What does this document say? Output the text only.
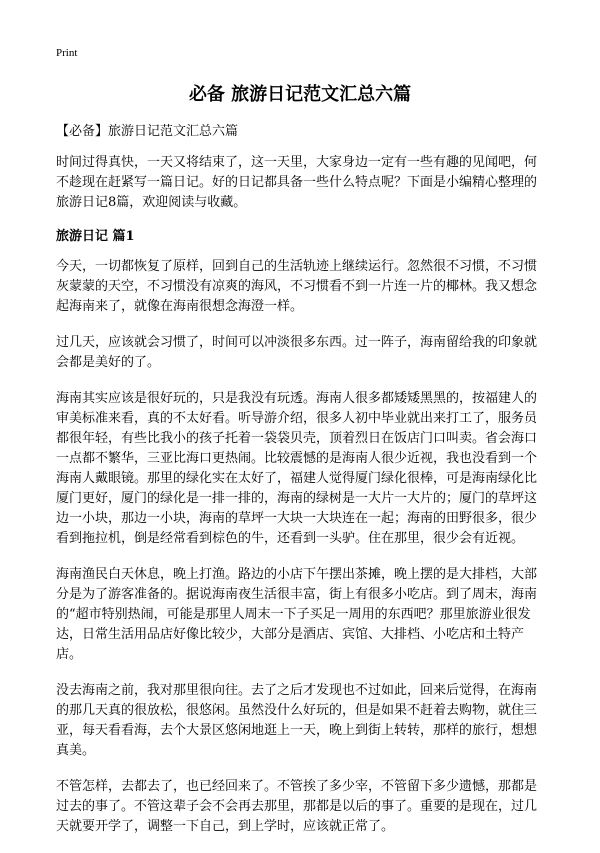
Print
必备 旅游日记范文汇总六篇

【必备】旅游日记范文汇总六篇

时间过得真快，一天又将结束了，这一天里，大家身边一定有一些有趣的见闻吧，何不趁现在赶紧写一篇日记。好的日记都具备一些什么特点呢？下面是小编精心整理的旅游日记8篇，欢迎阅读与收藏。

旅游日记 篇1

今天，一切都恢复了原样，回到自己的生活轨迹上继续运行。忽然很不习惯，不习惯灰蒙蒙的天空，不习惯没有凉爽的海风，不习惯看不到一片连一片的椰林。我又想念起海南来了，就像在海南很想念海澄一样。

过几天，应该就会习惯了，时间可以冲淡很多东西。过一阵子，海南留给我的印象就会都是美好的了。

海南其实应该是很好玩的，只是我没有玩透。海南人很多都矮矮黑黑的，按福建人的审美标准来看，真的不太好看。听导游介绍，很多人初中毕业就出来打工了，服务员都很年轻，有些比我小的孩子托着一袋袋贝壳，顶着烈日在饭店门口叫卖。省会海口一点都不繁华，三亚比海口更热闹。比较震憾的是海南人很少近视，我也没看到一个海南人戴眼镜。那里的绿化实在太好了，福建人觉得厦门绿化很棒，可是海南绿化比厦门更好，厦门的绿化是一排一排的，海南的绿树是一大片一大片的；厦门的草坪这边一小块，那边一小块，海南的草坪一大块一大块连在一起；海南的田野很多，很少看到拖拉机，倒是经常看到棕色的牛，还看到一头驴。住在那里，很少会有近视。

海南渔民白天休息，晚上打渔。路边的小店下午摆出茶摊，晚上摆的是大排档，大部分是为了游客准备的。据说海南夜生活很丰富，街上有很多小吃店。到了周末，海南的“超市特别热闹，可能是那里人周末一下子买足一周用的东西吧？那里旅游业很发达，日常生活用品店好像比较少，大部分是酒店、宾馆、大排档、小吃店和土特产店。

没去海南之前，我对那里很向往。去了之后才发现也不过如此，回来后觉得，在海南的那几天真的很放松，很悠闲。虽然没什么好玩的，但是如果不赶着去购物，就住三亚，每天看看海，去个大景区悠闲地逛上一天，晚上到街上转转，那样的旅行，想想真美。

不管怎样，去都去了，也已经回来了。不管挨了多少宰，不管留下多少遗憾，那都是过去的事了。不管这辈子会不会再去那里，那都是以后的事了。重要的是现在，过几天就要开学了，调整一下自己，到上学时，应该就正常了。
